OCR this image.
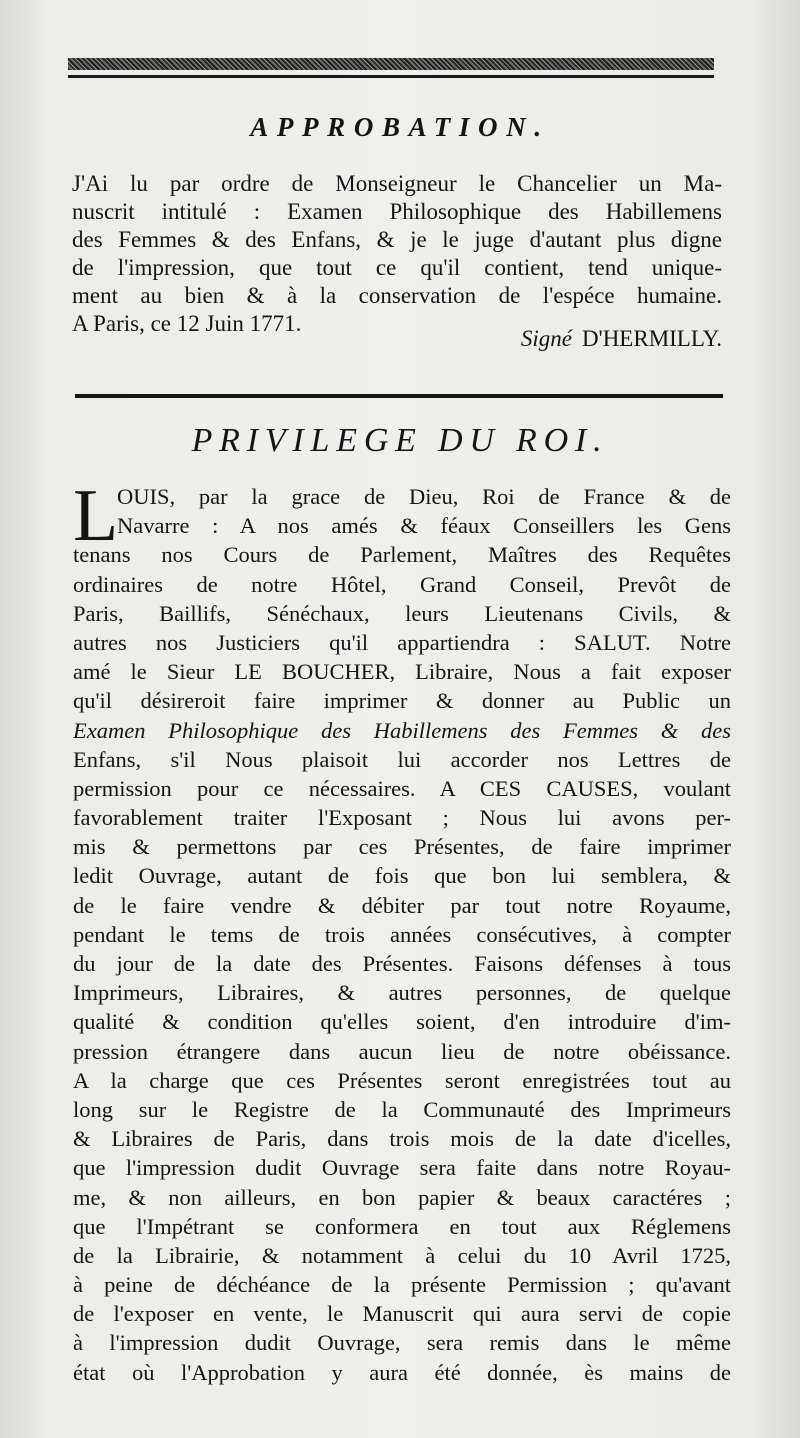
APPROBATION.
J'Ai lu par ordre de Monseigneur le Chancelier un Ma-
nuscrit intitulé : Examen Philosophique des Habillemens
des Femmes & des Enfans, & je le juge d'autant plus digne
de l'impression, que tout ce qu'il contient, tend unique-
ment au bien & à la conservation de l'espéce humaine.
A Paris, ce 12 Juin 1771.
Signé D'HERMILLY.
PRIVILEGE DU ROI.
L
OUIS, par la grace de Dieu, Roi de France & de
Navarre : A nos amés & féaux Conseillers les Gens
tenans nos Cours de Parlement, Maîtres des Requêtes
ordinaires de notre Hôtel, Grand Conseil, Prevôt de
Paris, Baillifs, Sénéchaux, leurs Lieutenans Civils, &
autres nos Justiciers qu'il appartiendra : SALUT. Notre
amé le Sieur LE BOUCHER, Libraire, Nous a fait exposer
qu'il désireroit faire imprimer & donner au Public un
Examen Philosophique des Habillemens des Femmes & des
Enfans, s'il Nous plaisoit lui accorder nos Lettres de
permission pour ce nécessaires. A CES CAUSES, voulant
favorablement traiter l'Exposant ; Nous lui avons per-
mis & permettons par ces Présentes, de faire imprimer
ledit Ouvrage, autant de fois que bon lui semblera, &
de le faire vendre & débiter par tout notre Royaume,
pendant le tems de trois années consécutives, à compter
du jour de la date des Présentes. Faisons défenses à tous
Imprimeurs, Libraires, & autres personnes, de quelque
qualité & condition qu'elles soient, d'en introduire d'im-
pression étrangere dans aucun lieu de notre obéissance.
A la charge que ces Présentes seront enregistrées tout au
long sur le Registre de la Communauté des Imprimeurs
& Libraires de Paris, dans trois mois de la date d'icelles,
que l'impression dudit Ouvrage sera faite dans notre Royau-
me, & non ailleurs, en bon papier & beaux caractéres ;
que l'Impétrant se conformera en tout aux Réglemens
de la Librairie, & notamment à celui du 10 Avril 1725,
à peine de déchéance de la présente Permission ; qu'avant
de l'exposer en vente, le Manuscrit qui aura servi de copie
à l'impression dudit Ouvrage, sera remis dans le même
état où l'Approbation y aura été donnée, ès mains de
